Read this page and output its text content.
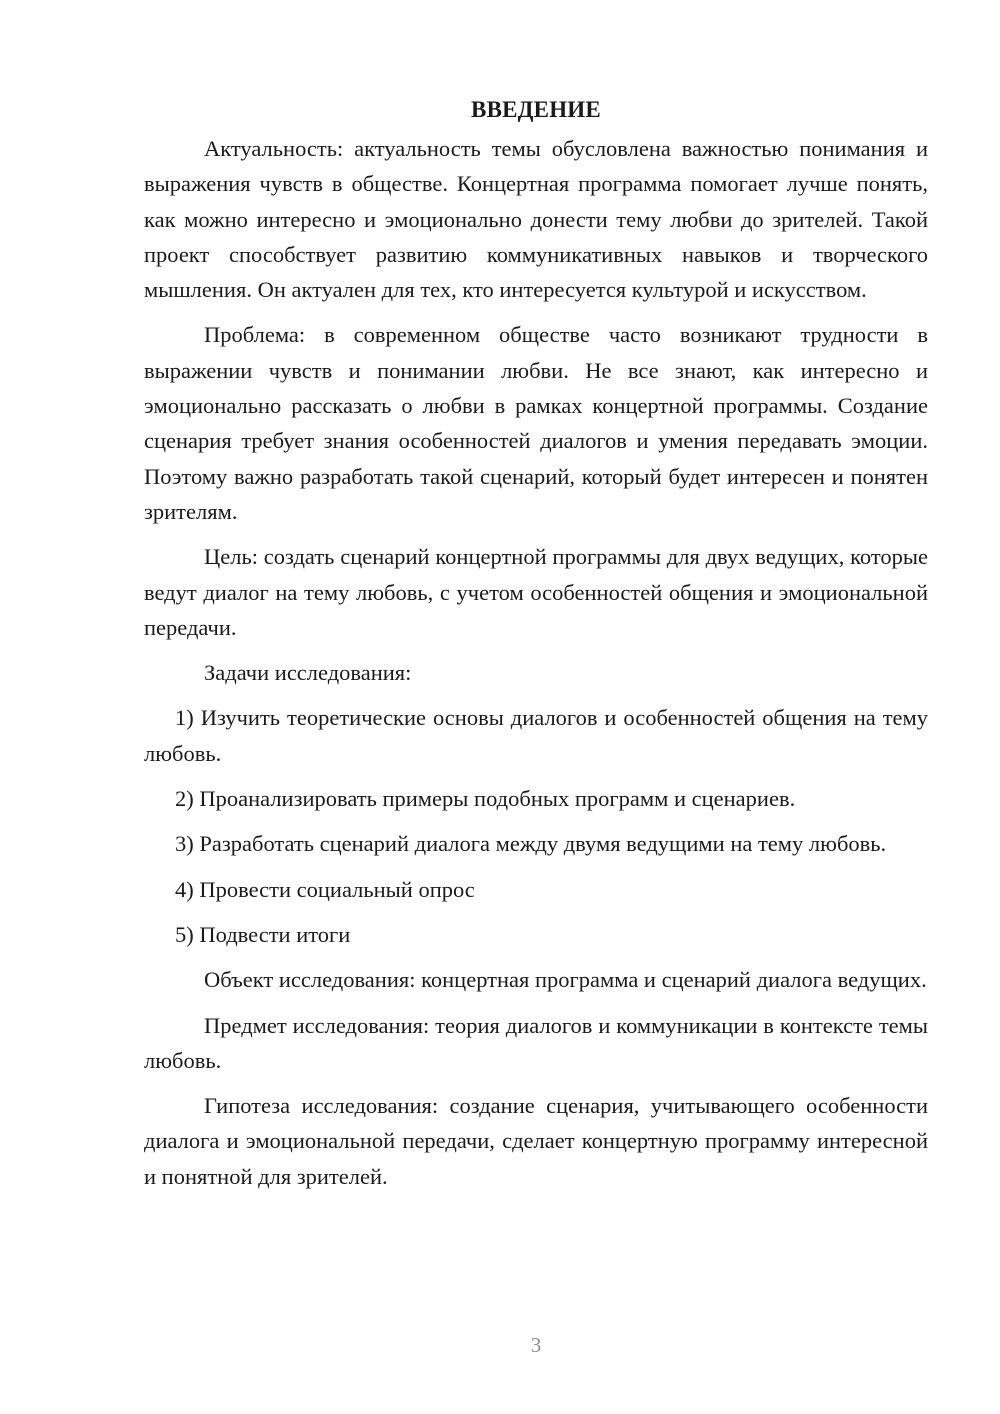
ВВЕДЕНИЕ

Актуальность: актуальность темы обусловлена важностью понимания и выражения чувств в обществе. Концертная программа помогает лучше понять, как можно интересно и эмоционально донести тему любви до зрителей. Такой проект способствует развитию коммуникативных навыков и творческого мышления. Он актуален для тех, кто интересуется культурой и искусством.

Проблема: в современном обществе часто возникают трудности в выражении чувств и понимании любви. Не все знают, как интересно и эмоционально рассказать о любви в рамках концертной программы. Создание сценария требует знания особенностей диалогов и умения передавать эмоции. Поэтому важно разработать такой сценарий, который будет интересен и понятен зрителям.

Цель: создать сценарий концертной программы для двух ведущих, которые ведут диалог на тему любовь, с учетом особенностей общения и эмоциональной передачи.

Задачи исследования:

1) Изучить теоретические основы диалогов и особенностей общения на тему любовь.

2) Проанализировать примеры подобных программ и сценариев.

3) Разработать сценарий диалога между двумя ведущими на тему любовь.

4) Провести социальный опрос

5) Подвести итоги

Объект исследования: концертная программа и сценарий диалога ведущих.

Предмет исследования: теория диалогов и коммуникации в контексте темы любовь.

Гипотеза исследования: создание сценария, учитывающего особенности диалога и эмоциональной передачи, сделает концертную программу интересной и понятной для зрителей.

3
